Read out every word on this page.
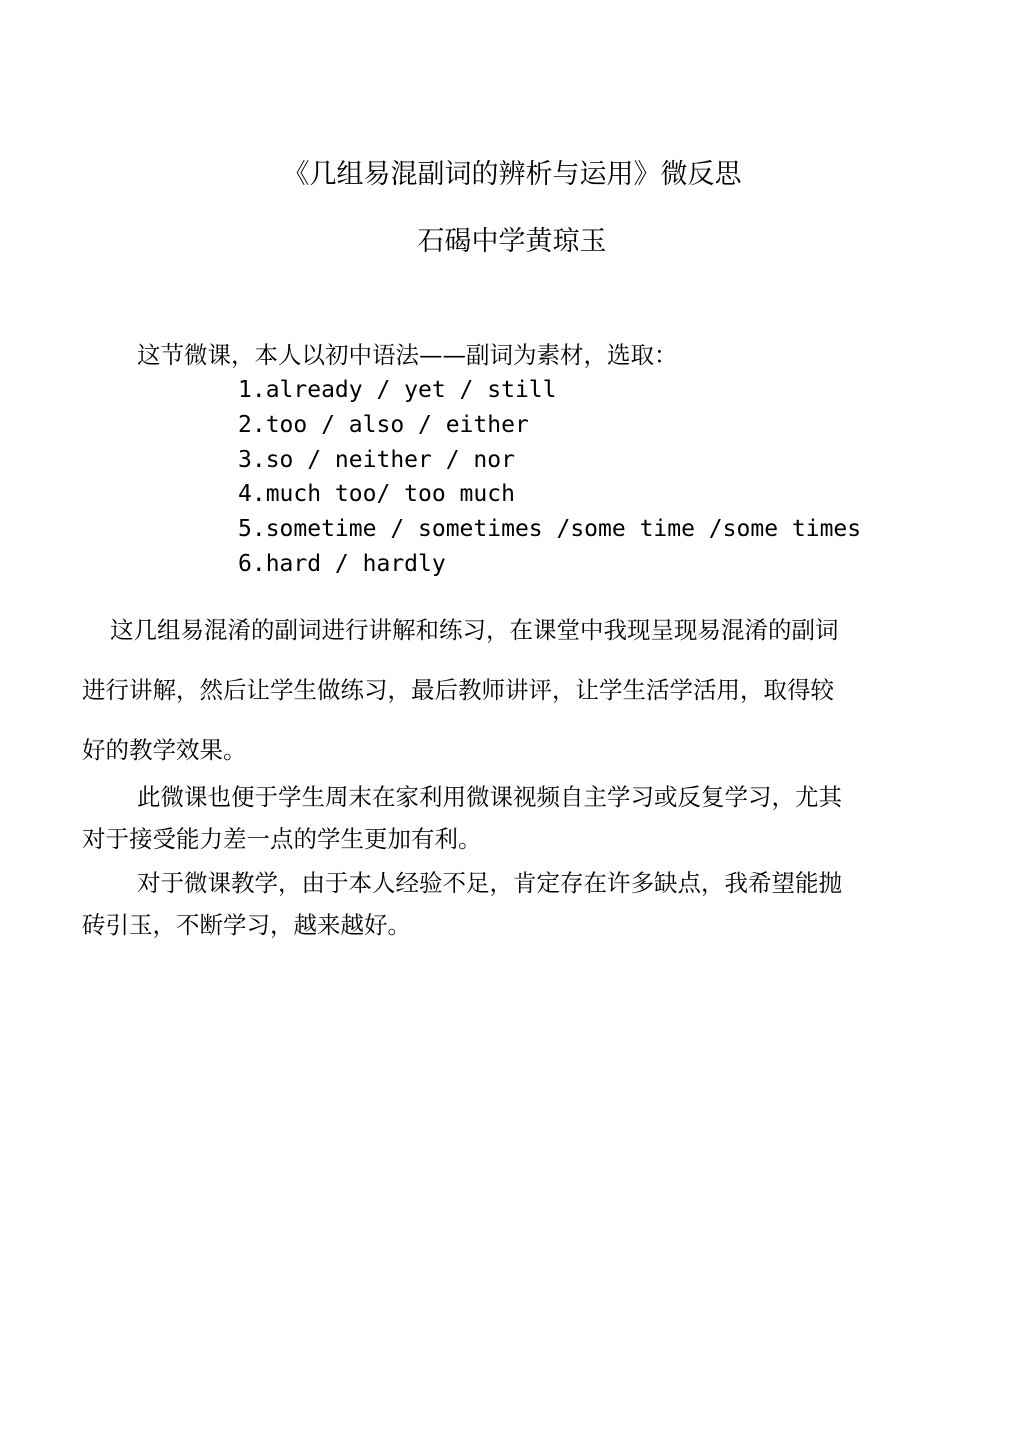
《几组易混副词的辨析与运用》微反思
石碣中学黄琼玉
这节微课，本人以初中语法——副词为素材，选取：
1.already / yet / still
2.too / also / either
3.so / neither / nor
4.much too/ too much
5.sometime / sometimes /some time /some times
6.hard / hardly
这几组易混淆的副词进行讲解和练习，在课堂中我现呈现易混淆的副词
进行讲解，然后让学生做练习，最后教师讲评，让学生活学活用，取得较
好的教学效果。
此微课也便于学生周末在家利用微课视频自主学习或反复学习，尤其
对于接受能力差一点的学生更加有利。
对于微课教学，由于本人经验不足，肯定存在许多缺点，我希望能抛
砖引玉，不断学习，越来越好。
